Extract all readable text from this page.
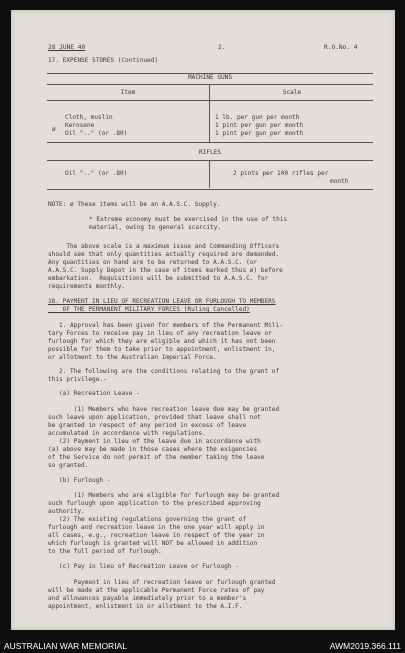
28 JUNE 40	2.	R.O.No. 4
17. EXPENSE STORES (Continued)
MACHINE GUNS
Item	Scale
Cloth, muslin	1 lb. per gun per month
Kerosene	1 pint per gun per month
ø
Oil ".." (or .80)	1 pint per gun per month
RIFLES
Oil ".." (or .80)	2 pints per 100 rifles per
month
NOTE: ø These items will be an A.A.S.C. Supply.
* Extreme economy must be exercised in the use of this
material, owing to general scarcity.
The above scale is a maximum issue and Commanding Officers
should see that only quantities actually required are demanded.
Any quantities on hand are to be returned to A.A.S.C. (or
A.A.S.C. Supply Depot in the case of items marked thus ø) before
embarkation.  Requisitions will be submitted to A.A.S.C. for
requirements monthly.
18. PAYMENT IN LIEU OF RECREATION LEAVE OR FURLOUGH TO MEMBERS
OF THE PERMANENT MILITARY FORCES (Ruling Cancelled)
1. Approval has been given for members of the Permanent Mili-
tary Forces to receive pay in lieu of any recreation leave or
furlough for which they are eligible and which it has not been
possible for them to take prior to appointment, enlistment in,
or allotment to the Australian Imperial Force.
2. The following are the conditions relating to the grant of
this privilege.-
(a) Recreation Leave -
(1) Members who have recreation leave due may be granted
such leave upon application, provided that leave shall not
be granted in respect of any period in excess of leave
accumulated in accordance with regulations.
(2) Payment in lieu of the leave due in accordance with
(a) above may be made in those cases where the exigencies
of the Service do not permit of the member taking the leave
so granted.
(b) Furlough -
(1) Members who are eligible for furlough may be granted
such furlough upon application to the prescribed approving
authority.
(2) The existing regulations governing the grant of
furlough and recreation leave in the one year will apply in
all cases, e.g., recreation leave in respect of the year in
which furlough is granted will NOT be allowed in addition
to the full period of furlough.
(c) Pay in lieu of Recreation Leave or Furlough -
Payment in lieu of recreation leave or furlough granted
will be made at the applicable Permanent Force rates of pay
and allowances payable immediately prior to a member's
appointment, enlistment in or allotment to the A.I.F.
AUSTRALIAN WAR MEMORIAL	AWM2019.366.111
